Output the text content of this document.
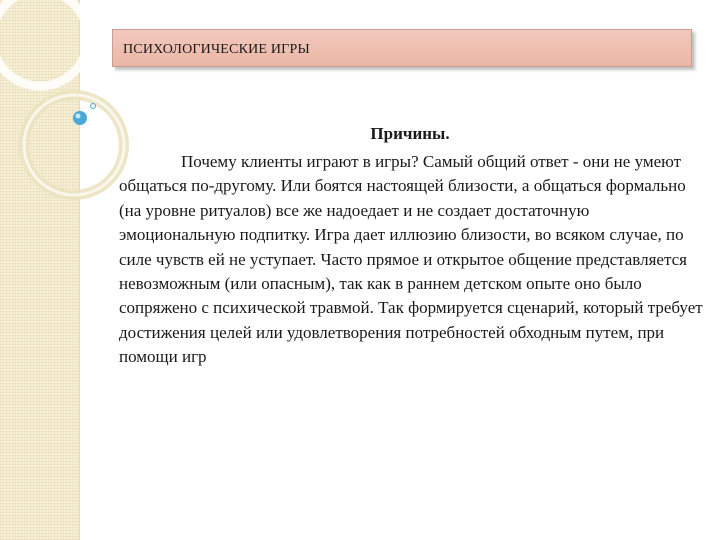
ПСИХОЛОГИЧЕСКИЕ ИГРЫ
Причины.

Почему клиенты играют в игры? Самый общий ответ - они не умеют общаться по-другому. Или боятся настоящей близости, а общаться формально (на уровне ритуалов) все же надоедает и не создает достаточную эмоциональную подпитку. Игра дает иллюзию близости, во всяком случае, по силе чувств ей не уступает. Часто прямое и открытое общение представляется невозможным (или опасным), так как в раннем детском опыте оно было сопряжено с психической травмой. Так формируется сценарий, который требует достижения целей или удовлетворения потребностей обходным путем, при помощи игр
